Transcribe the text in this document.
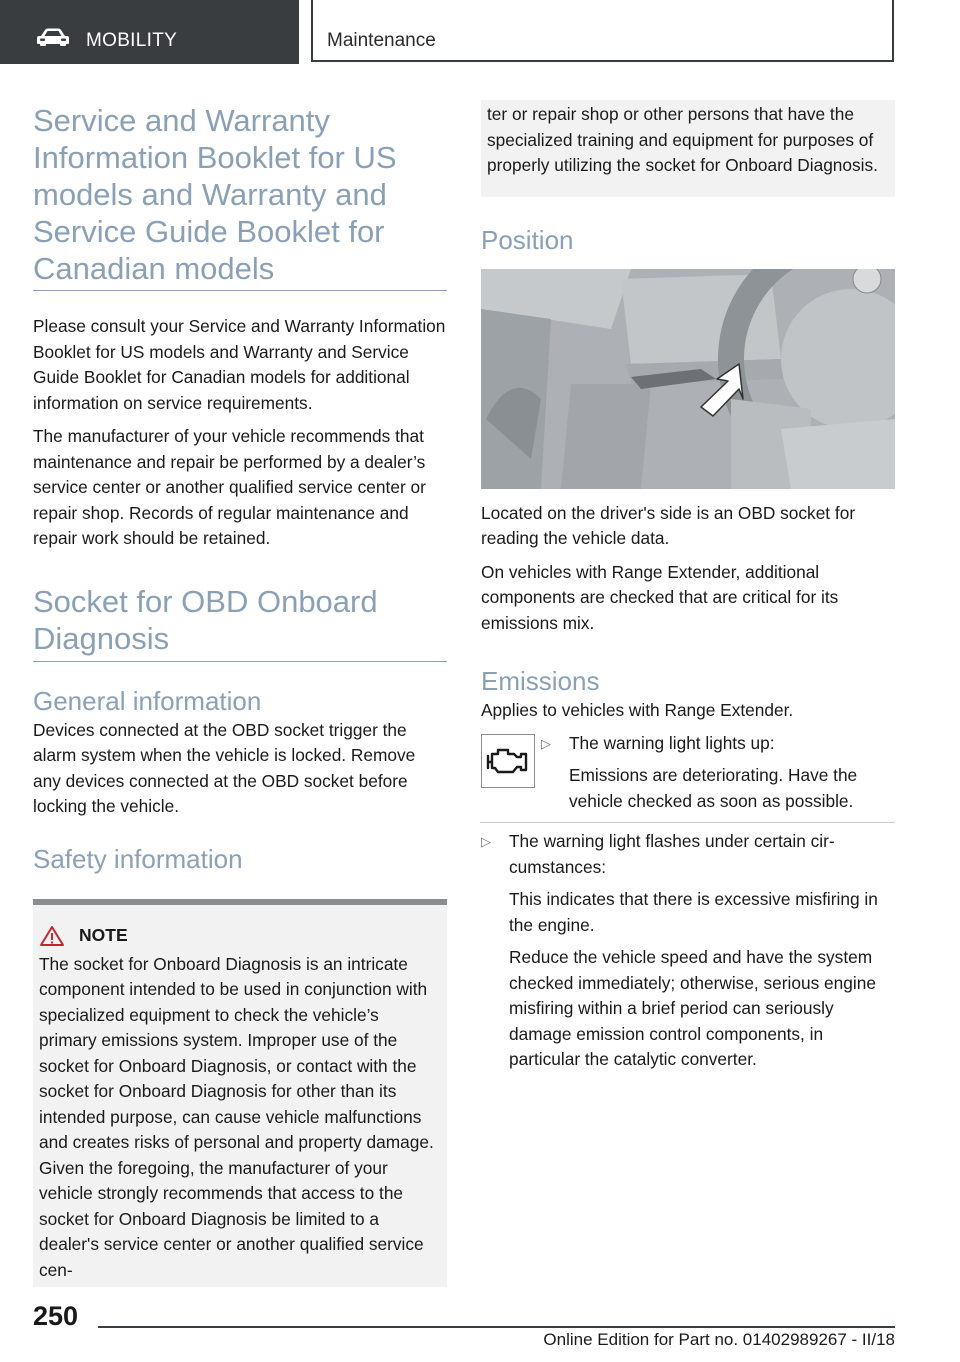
MOBILITY	Maintenance
Service and Warranty Information Booklet for US models and Warranty and Service Guide Booklet for Canadian models

Please consult your Service and Warranty Information Booklet for US models and Warranty and Service Guide Booklet for Canadian models for additional information on service requirements.

The manufacturer of your vehicle recommends that maintenance and repair be performed by a dealer’s service center or another qualified service center or repair shop. Records of regular maintenance and repair work should be retained.

Socket for OBD Onboard Diagnosis
General information

Devices connected at the OBD socket trigger the alarm system when the vehicle is locked. Remove any devices connected at the OBD socket before locking the vehicle.

Safety information
NOTE

The socket for Onboard Diagnosis is an intricate component intended to be used in conjunction with specialized equipment to check the vehicle’s primary emissions system. Improper use of the socket for Onboard Diagnosis, or contact with the socket for Onboard Diagnosis for other than its intended purpose, can cause vehicle malfunctions and creates risks of personal and property damage. Given the foregoing, the manufacturer of your vehicle strongly recommends that access to the socket for Onboard Diagnosis be limited to a dealer's service center or another qualified service cen-

ter or repair shop or other persons that have the specialized training and equipment for purposes of properly utilizing the socket for Onboard Diagnosis.

Position

Located on the driver's side is an OBD socket for reading the vehicle data.

On vehicles with Range Extender, additional components are checked that are critical for its emissions mix.

Emissions

Applies to vehicles with Range Extender.

▷	The warning light lights up:

Emissions are deteriorating. Have the vehicle checked as soon as possible.

▷	The warning light flashes under certain circumstances:

This indicates that there is excessive misfiring in the engine.

Reduce the vehicle speed and have the system checked immediately; otherwise, serious engine misfiring within a brief period can seriously damage emission control components, in particular the catalytic converter.

250
Online Edition for Part no. 01402989267 - II/18
